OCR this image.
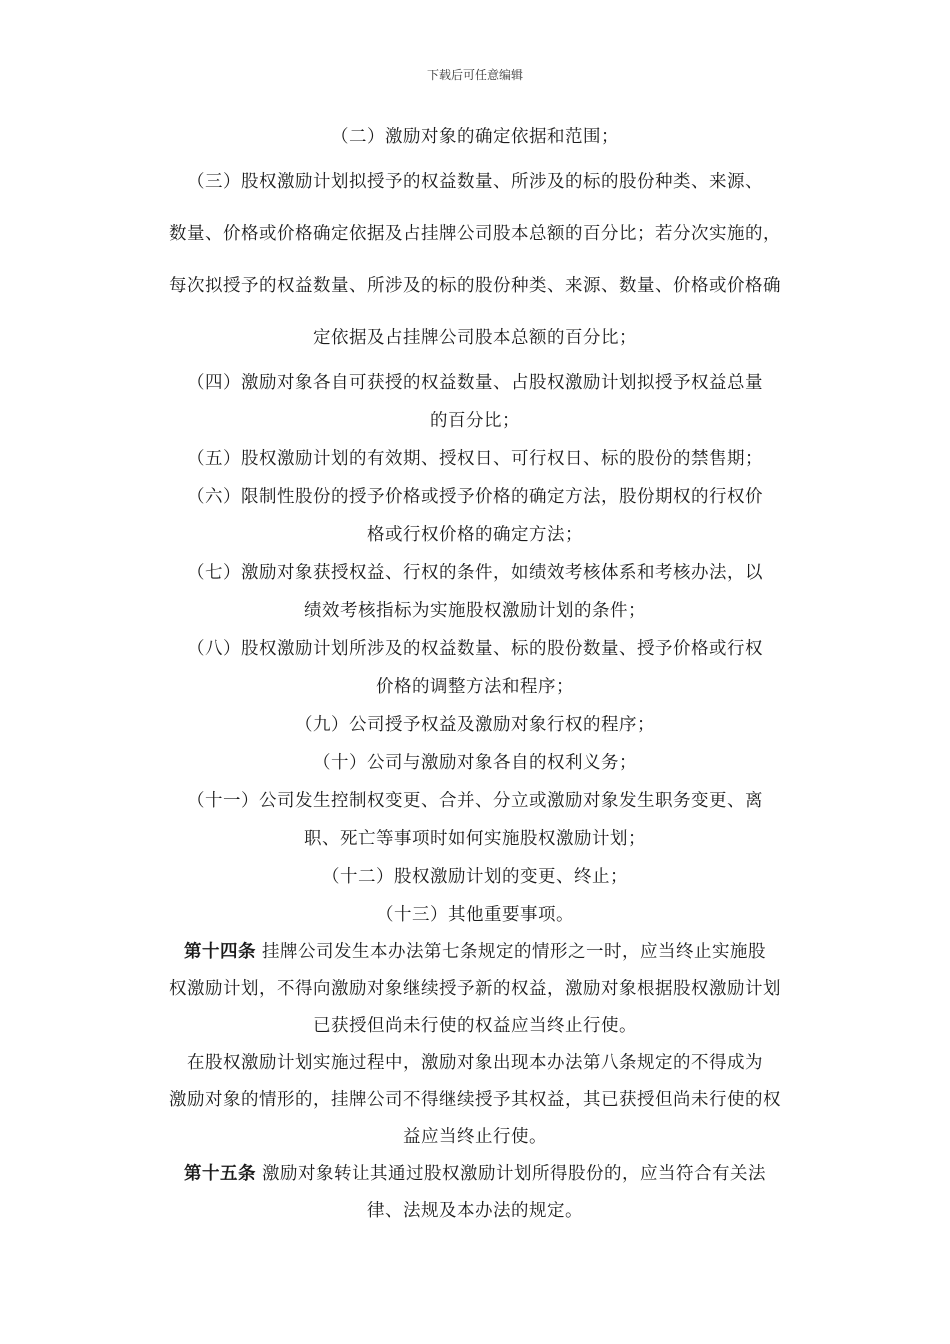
下载后可任意编辑

（二）激励对象的确定依据和范围；

（三）股权激励计划拟授予的权益数量、所涉及的标的股份种类、来源、

数量、价格或价格确定依据及占挂牌公司股本总额的百分比；若分次实施的，

每次拟授予的权益数量、所涉及的标的股份种类、来源、数量、价格或价格确

定依据及占挂牌公司股本总额的百分比；

（四）激励对象各自可获授的权益数量、占股权激励计划拟授予权益总量

的百分比；

（五）股权激励计划的有效期、授权日、可行权日、标的股份的禁售期；

（六）限制性股份的授予价格或授予价格的确定方法，股份期权的行权价

格或行权价格的确定方法；

（七）激励对象获授权益、行权的条件，如绩效考核体系和考核办法，以

绩效考核指标为实施股权激励计划的条件；

（八）股权激励计划所涉及的权益数量、标的股份数量、授予价格或行权

价格的调整方法和程序；

（九）公司授予权益及激励对象行权的程序；

（十）公司与激励对象各自的权利义务；

（十一）公司发生控制权变更、合并、分立或激励对象发生职务变更、离

职、死亡等事项时如何实施股权激励计划；

（十二）股权激励计划的变更、终止；

（十三）其他重要事项。

第十四条 挂牌公司发生本办法第七条规定的情形之一时，应当终止实施股

权激励计划，不得向激励对象继续授予新的权益，激励对象根据股权激励计划

已获授但尚未行使的权益应当终止行使。

在股权激励计划实施过程中，激励对象出现本办法第八条规定的不得成为

激励对象的情形的，挂牌公司不得继续授予其权益，其已获授但尚未行使的权

益应当终止行使。

第十五条 激励对象转让其通过股权激励计划所得股份的，应当符合有关法

律、法规及本办法的规定。
